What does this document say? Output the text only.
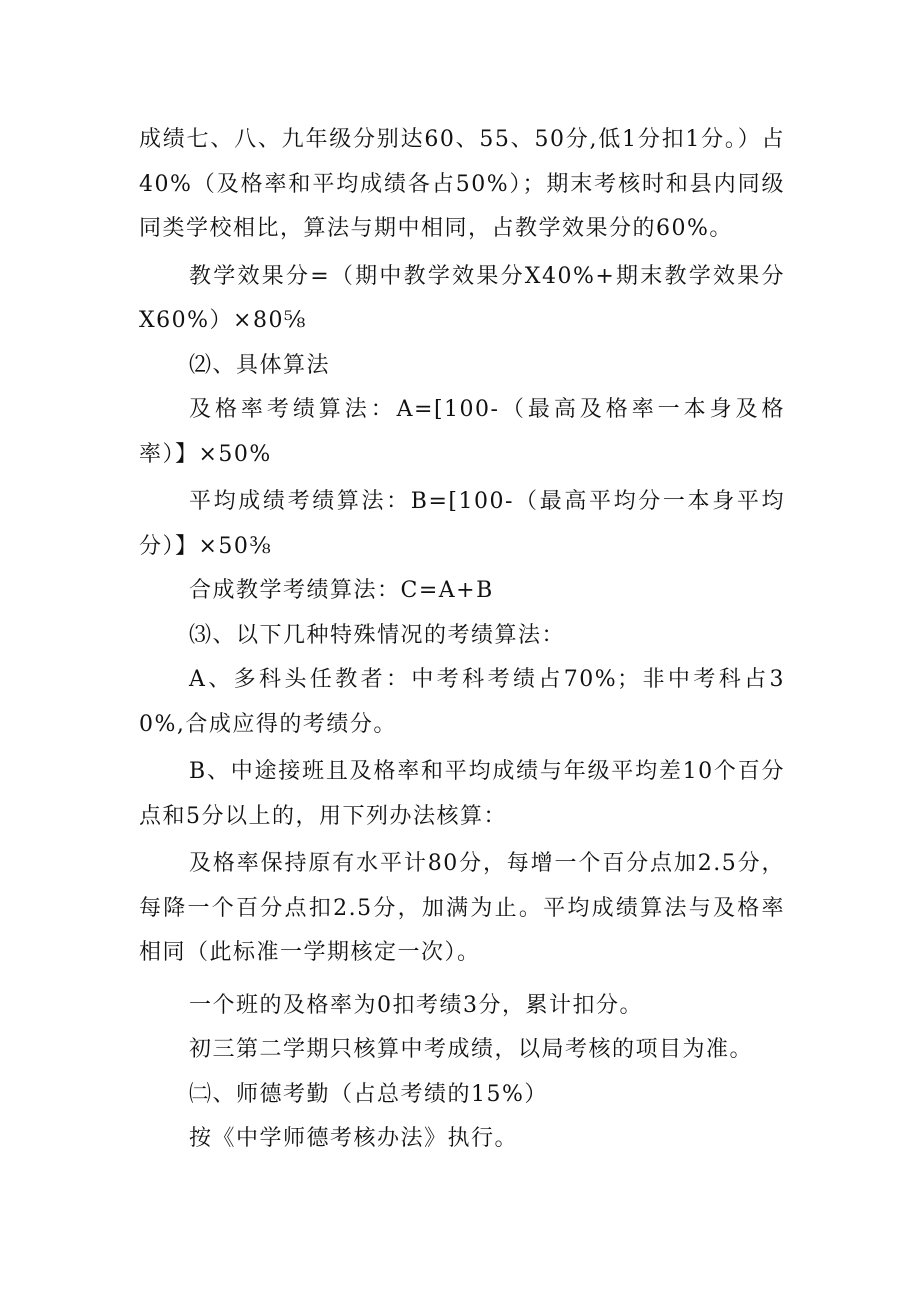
成绩七、八、九年级分别达60、55、50分,低1分扣1分。）占40%（及格率和平均成绩各占50%）；期末考核时和县内同级同类学校相比，算法与期中相同，占教学效果分的60%。

教学效果分=（期中教学效果分X40%+期末教学效果分X60%）×80⅝

⑵、具体算法

及格率考绩算法：A=[100-（最高及格率一本身及格率）】×50%

平均成绩考绩算法：B=[100-（最高平均分一本身平均分）】×50⅜

合成教学考绩算法：C=A+B

⑶、以下几种特殊情况的考绩算法：

A、多科头任教者：中考科考绩占70%；非中考科占30%,合成应得的考绩分。

B、中途接班且及格率和平均成绩与年级平均差10个百分点和5分以上的，用下列办法核算：

及格率保持原有水平计80分，每增一个百分点加2.5分，每降一个百分点扣2.5分，加满为止。平均成绩算法与及格率相同（此标准一学期核定一次）。

一个班的及格率为0扣考绩3分，累计扣分。

初三第二学期只核算中考成绩，以局考核的项目为准。

㈡、师德考勤（占总考绩的15%）

按《中学师德考核办法》执行。
